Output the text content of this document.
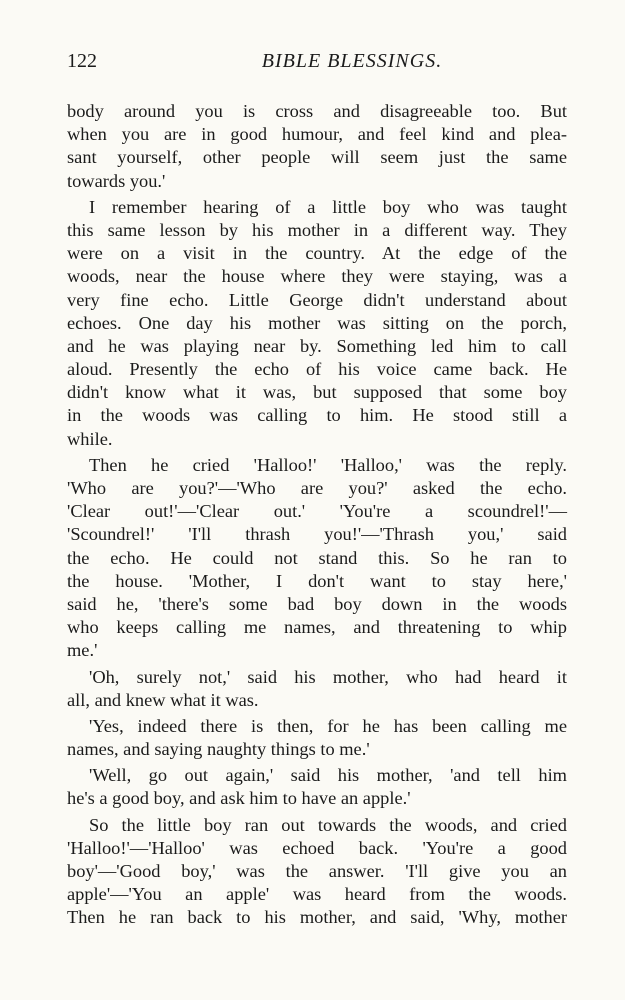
122	BIBLE BLESSINGS.
body around you is cross and disagreeable too. But
when you are in good humour, and feel kind and plea-
sant yourself, other people will seem just the same
towards you.'
I remember hearing of a little boy who was taught
this same lesson by his mother in a different way. They
were on a visit in the country. At the edge of the
woods, near the house where they were staying, was a
very fine echo. Little George didn't understand about
echoes. One day his mother was sitting on the porch,
and he was playing near by. Something led him to call
aloud. Presently the echo of his voice came back. He
didn't know what it was, but supposed that some boy
in the woods was calling to him. He stood still a
while.
Then he cried 'Halloo!' 'Halloo,' was the reply.
'Who are you?'—'Who are you?' asked the echo.
'Clear out!'—'Clear out.' 'You're a scoundrel!'—
'Scoundrel!' 'I'll thrash you!'—'Thrash you,' said
the echo. He could not stand this. So he ran to
the house. 'Mother, I don't want to stay here,'
said he, 'there's some bad boy down in the woods
who keeps calling me names, and threatening to whip
me.'
'Oh, surely not,' said his mother, who had heard it
all, and knew what it was.
'Yes, indeed there is then, for he has been calling me
names, and saying naughty things to me.'
'Well, go out again,' said his mother, 'and tell him
he's a good boy, and ask him to have an apple.'
So the little boy ran out towards the woods, and cried
'Halloo!'—'Halloo' was echoed back. 'You're a good
boy'—'Good boy,' was the answer. 'I'll give you an
apple'—'You an apple' was heard from the woods.
Then he ran back to his mother, and said, 'Why, mother
